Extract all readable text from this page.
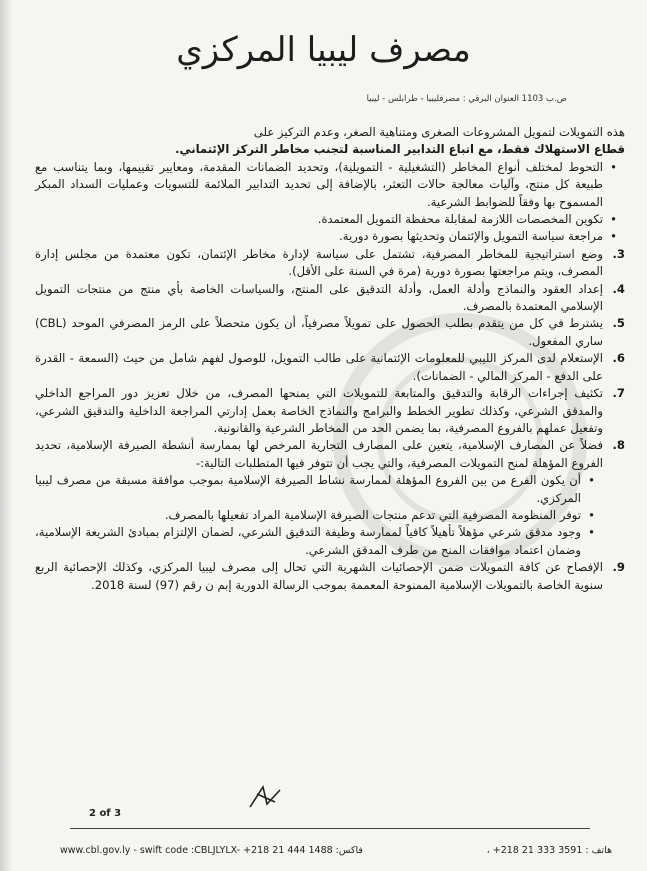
مصرف ليبيا المركزي
ص.ب 1103 العنوان البرقي : مصرفليبيا - طرابلس - ليبيا

هذه التمويلات لتمويل المشروعات الصغرى ومتناهية الصغر، وعدم التركيز على

قطاع الاستهلاك فقط، مع اتباع التدابير المناسبة لتجنب مخاطر التركز الإئتماني.

• التحوط لمختلف أنواع المخاطر (التشغيلية - التمويلية)، وتحديد الضمانات المقدمة، ومعايير تقييمها، وبما يتناسب مع طبيعة كل منتج، وآليات معالجة حالات التعثر، بالإضافة إلى تحديد التدابير الملائمة للتسويات وعمليات السداد المبكر المسموح بها وفقاً للضوابط الشرعية.

• تكوين المخصصات اللازمة لمقابلة محفظة التمويل المعتمدة.

• مراجعة سياسة التمويل والإئتمان وتحديثها بصورة دورية.

3.
وضع استراتيجية للمخاطر المصرفية، تشتمل على سياسة لإدارة مخاطر الإئتمان، تكون معتمدة من مجلس إدارة المصرف، ويتم مراجعتها بصورة دورية (مرة في السنة على الأقل).
4.
إعداد العقود والنماذج وأدلة العمل، وأدلة التدقيق على المنتج، والسياسات الخاصة بأي منتج من منتجات التمويل الإسلامي المعتمدة بالمصرف.
5.
يشترط في كل من يتقدم بطلب الحصول على تمويلاً مصرفياً، أن يكون متحصلاً على الرمز المصرفي الموحد (CBL) ساري المفعول.
6.
الإستعلام لدى المركز الليبي للمعلومات الإئتمانية على طالب التمويل، للوصول لفهم شامل من حيث (السمعة - القدرة على الدفع - المركز المالي - الضمانات).
7.
تكثيف إجراءات الرقابة والتدقيق والمتابعة للتمويلات التي يمنحها المصرف، من خلال تعزيز دور المراجع الداخلي والمدقق الشرعي، وكذلك تطوير الخطط والبرامج والنماذج الخاصة بعمل إدارتي المراجعة الداخلية والتدقيق الشرعي، وتفعيل عملهم بالفروع المصرفية، بما يضمن الحد من المخاطر الشرعية والقانونية.
8.
فضلاً عن المصارف الإسلامية، يتعين على المصارف التجارية المرخص لها بممارسة أنشطة الصيرفة الإسلامية، تحديد الفروع المؤهلة لمنح التمويلات المصرفية، والتي يجب أن تتوفر فيها المتطلبات التالية:-

• أن يكون الفرع من بين الفروع المؤهلة لممارسة نشاط الصيرفة الإسلامية بموجب موافقة مسبقة من مصرف ليبيا المركزي.

• توفر المنظومة المصرفية التي تدعم منتجات الصيرفة الإسلامية المراد تفعيلها بالمصرف.

• وجود مدقق شرعي مؤهلاً تأهيلاً كافياً لممارسة وظيفة التدقيق الشرعي، لضمان الإلتزام بمبادئ الشريعة الإسلامية، وضمان اعتماد موافقات المنح من طرف المدقق الشرعي.

9.
الإفصاح عن كافة التمويلات ضمن الإحصائيات الشهرية التي تحال إلى مصرف ليبيا المركزي، وكذلك الإحصائية الربع سنوية الخاصة بالتمويلات الإسلامية الممنوحة المعممة بموجب الرسالة الدورية إبم ن رقم (97) لسنة 2018.
2 of 3
www.cbl.gov.ly - swift code :CBLJLYLX- +218 21 444 1488 :فاكس	هاتف : 3591 333 21 218+ ،
